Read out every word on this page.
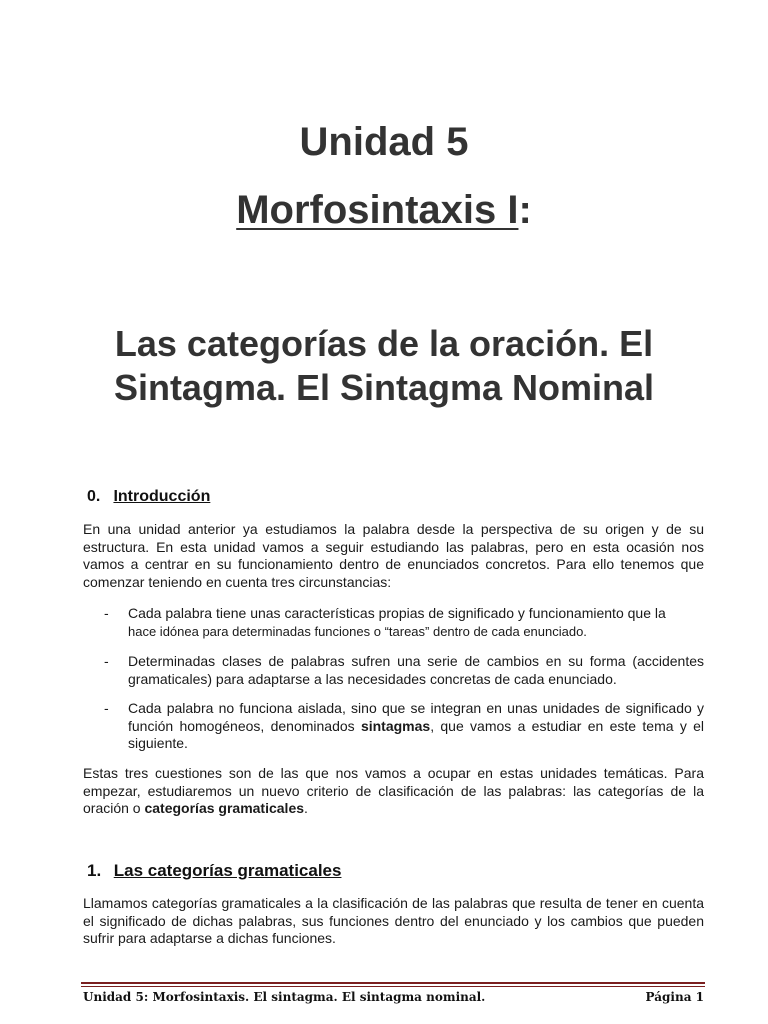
Unidad 5
Morfosintaxis I:
Las categorías de la oración. El
Sintagma. El Sintagma Nominal
0. Introducción
En una unidad anterior ya estudiamos la palabra desde la perspectiva de su origen y de su estructura. En esta unidad vamos a seguir estudiando las palabras, pero en esta ocasión nos vamos a centrar en su funcionamiento dentro de enunciados concretos. Para ello tenemos que comenzar teniendo en cuenta tres circunstancias:
-	Cada palabra tiene unas características propias de significado y funcionamiento que la
hace idónea para determinadas funciones o “tareas” dentro de cada enunciado.
-	Determinadas clases de palabras sufren una serie de cambios en su forma (accidentes gramaticales) para adaptarse a las necesidades concretas de cada enunciado.
-	Cada palabra no funciona aislada, sino que se integran en unas unidades de significado y función homogéneos, denominados sintagmas, que vamos a estudiar en este tema y el siguiente.
Estas tres cuestiones son de las que nos vamos a ocupar en estas unidades temáticas. Para empezar, estudiaremos un nuevo criterio de clasificación de las palabras: las categorías de la oración o categorías gramaticales.
1. Las categorías gramaticales
Llamamos categorías gramaticales a la clasificación de las palabras que resulta de tener en cuenta el significado de dichas palabras, sus funciones dentro del enunciado y los cambios que pueden sufrir para adaptarse a dichas funciones.
Unidad 5: Morfosintaxis. El sintagma. El sintagma nominal.	Página 1
